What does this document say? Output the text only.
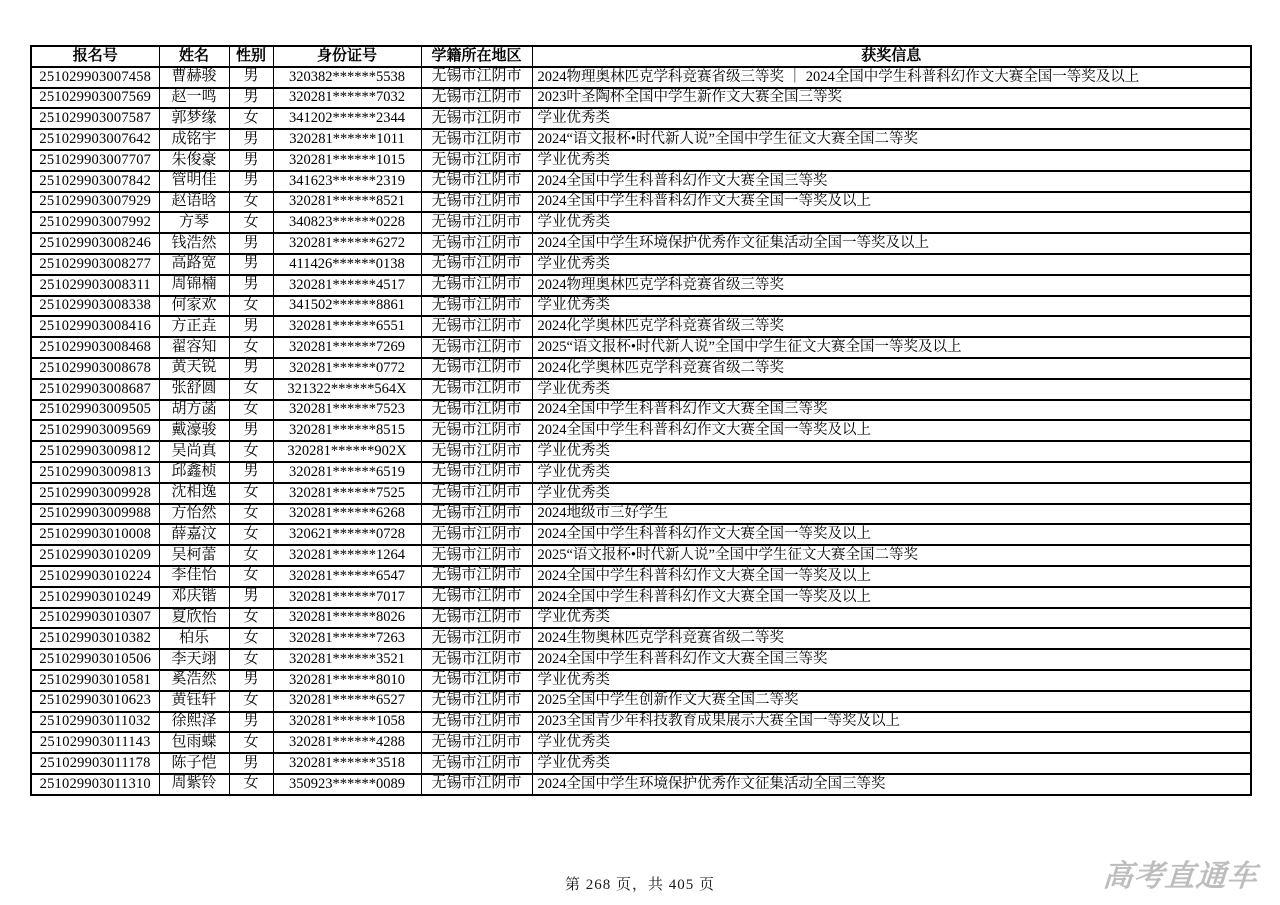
报名号	姓名	性别	身份证号	学籍所在地区	获奖信息
251029903007458	曹赫骏	男	320382******5538	无锡市江阴市	2024物理奥林匹克学科竞赛省级三等奖 ｜ 2024全国中学生科普科幻作文大赛全国一等奖及以上
251029903007569	赵一鸣	男	320281******7032	无锡市江阴市	2023叶圣陶杯全国中学生新作文大赛全国三等奖
251029903007587	郭梦缘	女	341202******2344	无锡市江阴市	学业优秀类
251029903007642	成铭宇	男	320281******1011	无锡市江阴市	2024“语文报杯•时代新人说”全国中学生征文大赛全国二等奖
251029903007707	朱俊豪	男	320281******1015	无锡市江阴市	学业优秀类
251029903007842	管明佳	男	341623******2319	无锡市江阴市	2024全国中学生科普科幻作文大赛全国三等奖
251029903007929	赵语晗	女	320281******8521	无锡市江阴市	2024全国中学生科普科幻作文大赛全国一等奖及以上
251029903007992	方琴	女	340823******0228	无锡市江阴市	学业优秀类
251029903008246	钱浩然	男	320281******6272	无锡市江阴市	2024全国中学生环境保护优秀作文征集活动全国一等奖及以上
251029903008277	高路宽	男	411426******0138	无锡市江阴市	学业优秀类
251029903008311	周锦楠	男	320281******4517	无锡市江阴市	2024物理奥林匹克学科竞赛省级三等奖
251029903008338	何家欢	女	341502******8861	无锡市江阴市	学业优秀类
251029903008416	方正垚	男	320281******6551	无锡市江阴市	2024化学奥林匹克学科竞赛省级三等奖
251029903008468	翟容知	女	320281******7269	无锡市江阴市	2025“语文报杯•时代新人说”全国中学生征文大赛全国一等奖及以上
251029903008678	黄天锐	男	320281******0772	无锡市江阴市	2024化学奥林匹克学科竞赛省级二等奖
251029903008687	张舒圆	女	321322******564X	无锡市江阴市	学业优秀类
251029903009505	胡方菡	女	320281******7523	无锡市江阴市	2024全国中学生科普科幻作文大赛全国三等奖
251029903009569	戴濠骏	男	320281******8515	无锡市江阴市	2024全国中学生科普科幻作文大赛全国一等奖及以上
251029903009812	吴尚真	女	320281******902X	无锡市江阴市	学业优秀类
251029903009813	邱鑫桢	男	320281******6519	无锡市江阴市	学业优秀类
251029903009928	沈相逸	女	320281******7525	无锡市江阴市	学业优秀类
251029903009988	方怡然	女	320281******6268	无锡市江阴市	2024地级市三好学生
251029903010008	薛嘉汶	女	320621******0728	无锡市江阴市	2024全国中学生科普科幻作文大赛全国一等奖及以上
251029903010209	吴柯蕾	女	320281******1264	无锡市江阴市	2025“语文报杯•时代新人说”全国中学生征文大赛全国二等奖
251029903010224	李佳怡	女	320281******6547	无锡市江阴市	2024全国中学生科普科幻作文大赛全国一等奖及以上
251029903010249	邓庆锴	男	320281******7017	无锡市江阴市	2024全国中学生科普科幻作文大赛全国一等奖及以上
251029903010307	夏欣怡	女	320281******8026	无锡市江阴市	学业优秀类
251029903010382	柏乐	女	320281******7263	无锡市江阴市	2024生物奥林匹克学科竞赛省级二等奖
251029903010506	李天翊	女	320281******3521	无锡市江阴市	2024全国中学生科普科幻作文大赛全国三等奖
251029903010581	奚浩然	男	320281******8010	无锡市江阴市	学业优秀类
251029903010623	黄钰轩	女	320281******6527	无锡市江阴市	2025全国中学生创新作文大赛全国二等奖
251029903011032	徐熙泽	男	320281******1058	无锡市江阴市	2023全国青少年科技教育成果展示大赛全国一等奖及以上
251029903011143	包雨蝶	女	320281******4288	无锡市江阴市	学业优秀类
251029903011178	陈子恺	男	320281******3518	无锡市江阴市	学业优秀类
251029903011310	周紫铃	女	350923******0089	无锡市江阴市	2024全国中学生环境保护优秀作文征集活动全国三等奖
第 268 页，共 405 页	高考直通车
